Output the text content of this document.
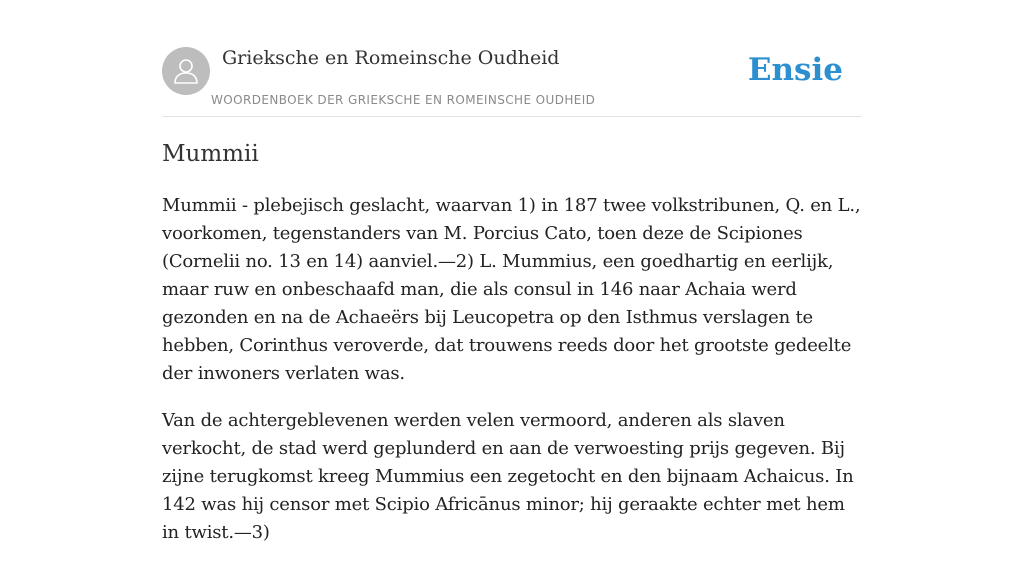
Grieksche en Romeinsche Oudheid
WOORDENBOEK DER GRIEKSCHE EN ROMEINSCHE OUDHEID
Ensie
Mummii

Mummii - plebejisch geslacht, waarvan 1) in 187 twee volkstribunen, Q. en L., voorkomen, tegenstanders van M. Porcius Cato, toen deze de Scipiones (Cornelii no. 13 en 14) aanviel.—2) L. Mummius, een goedhartig en eerlijk, maar ruw en onbeschaafd man, die als consul in 146 naar Achaia werd gezonden en na de Achaeërs bij Leucopetra op den Isthmus verslagen te hebben, Corinthus veroverde, dat trouwens reeds door het grootste gedeelte der inwoners verlaten was.

Van de achtergeblevenen werden velen vermoord, anderen als slaven verkocht, de stad werd geplunderd en aan de verwoesting prijs gegeven. Bij zijne terugkomst kreeg Mummius een zegetocht en den bijnaam Achaicus. In 142 was hij censor met Scipio Africānus minor; hij geraakte echter met hem in twist.—3)
